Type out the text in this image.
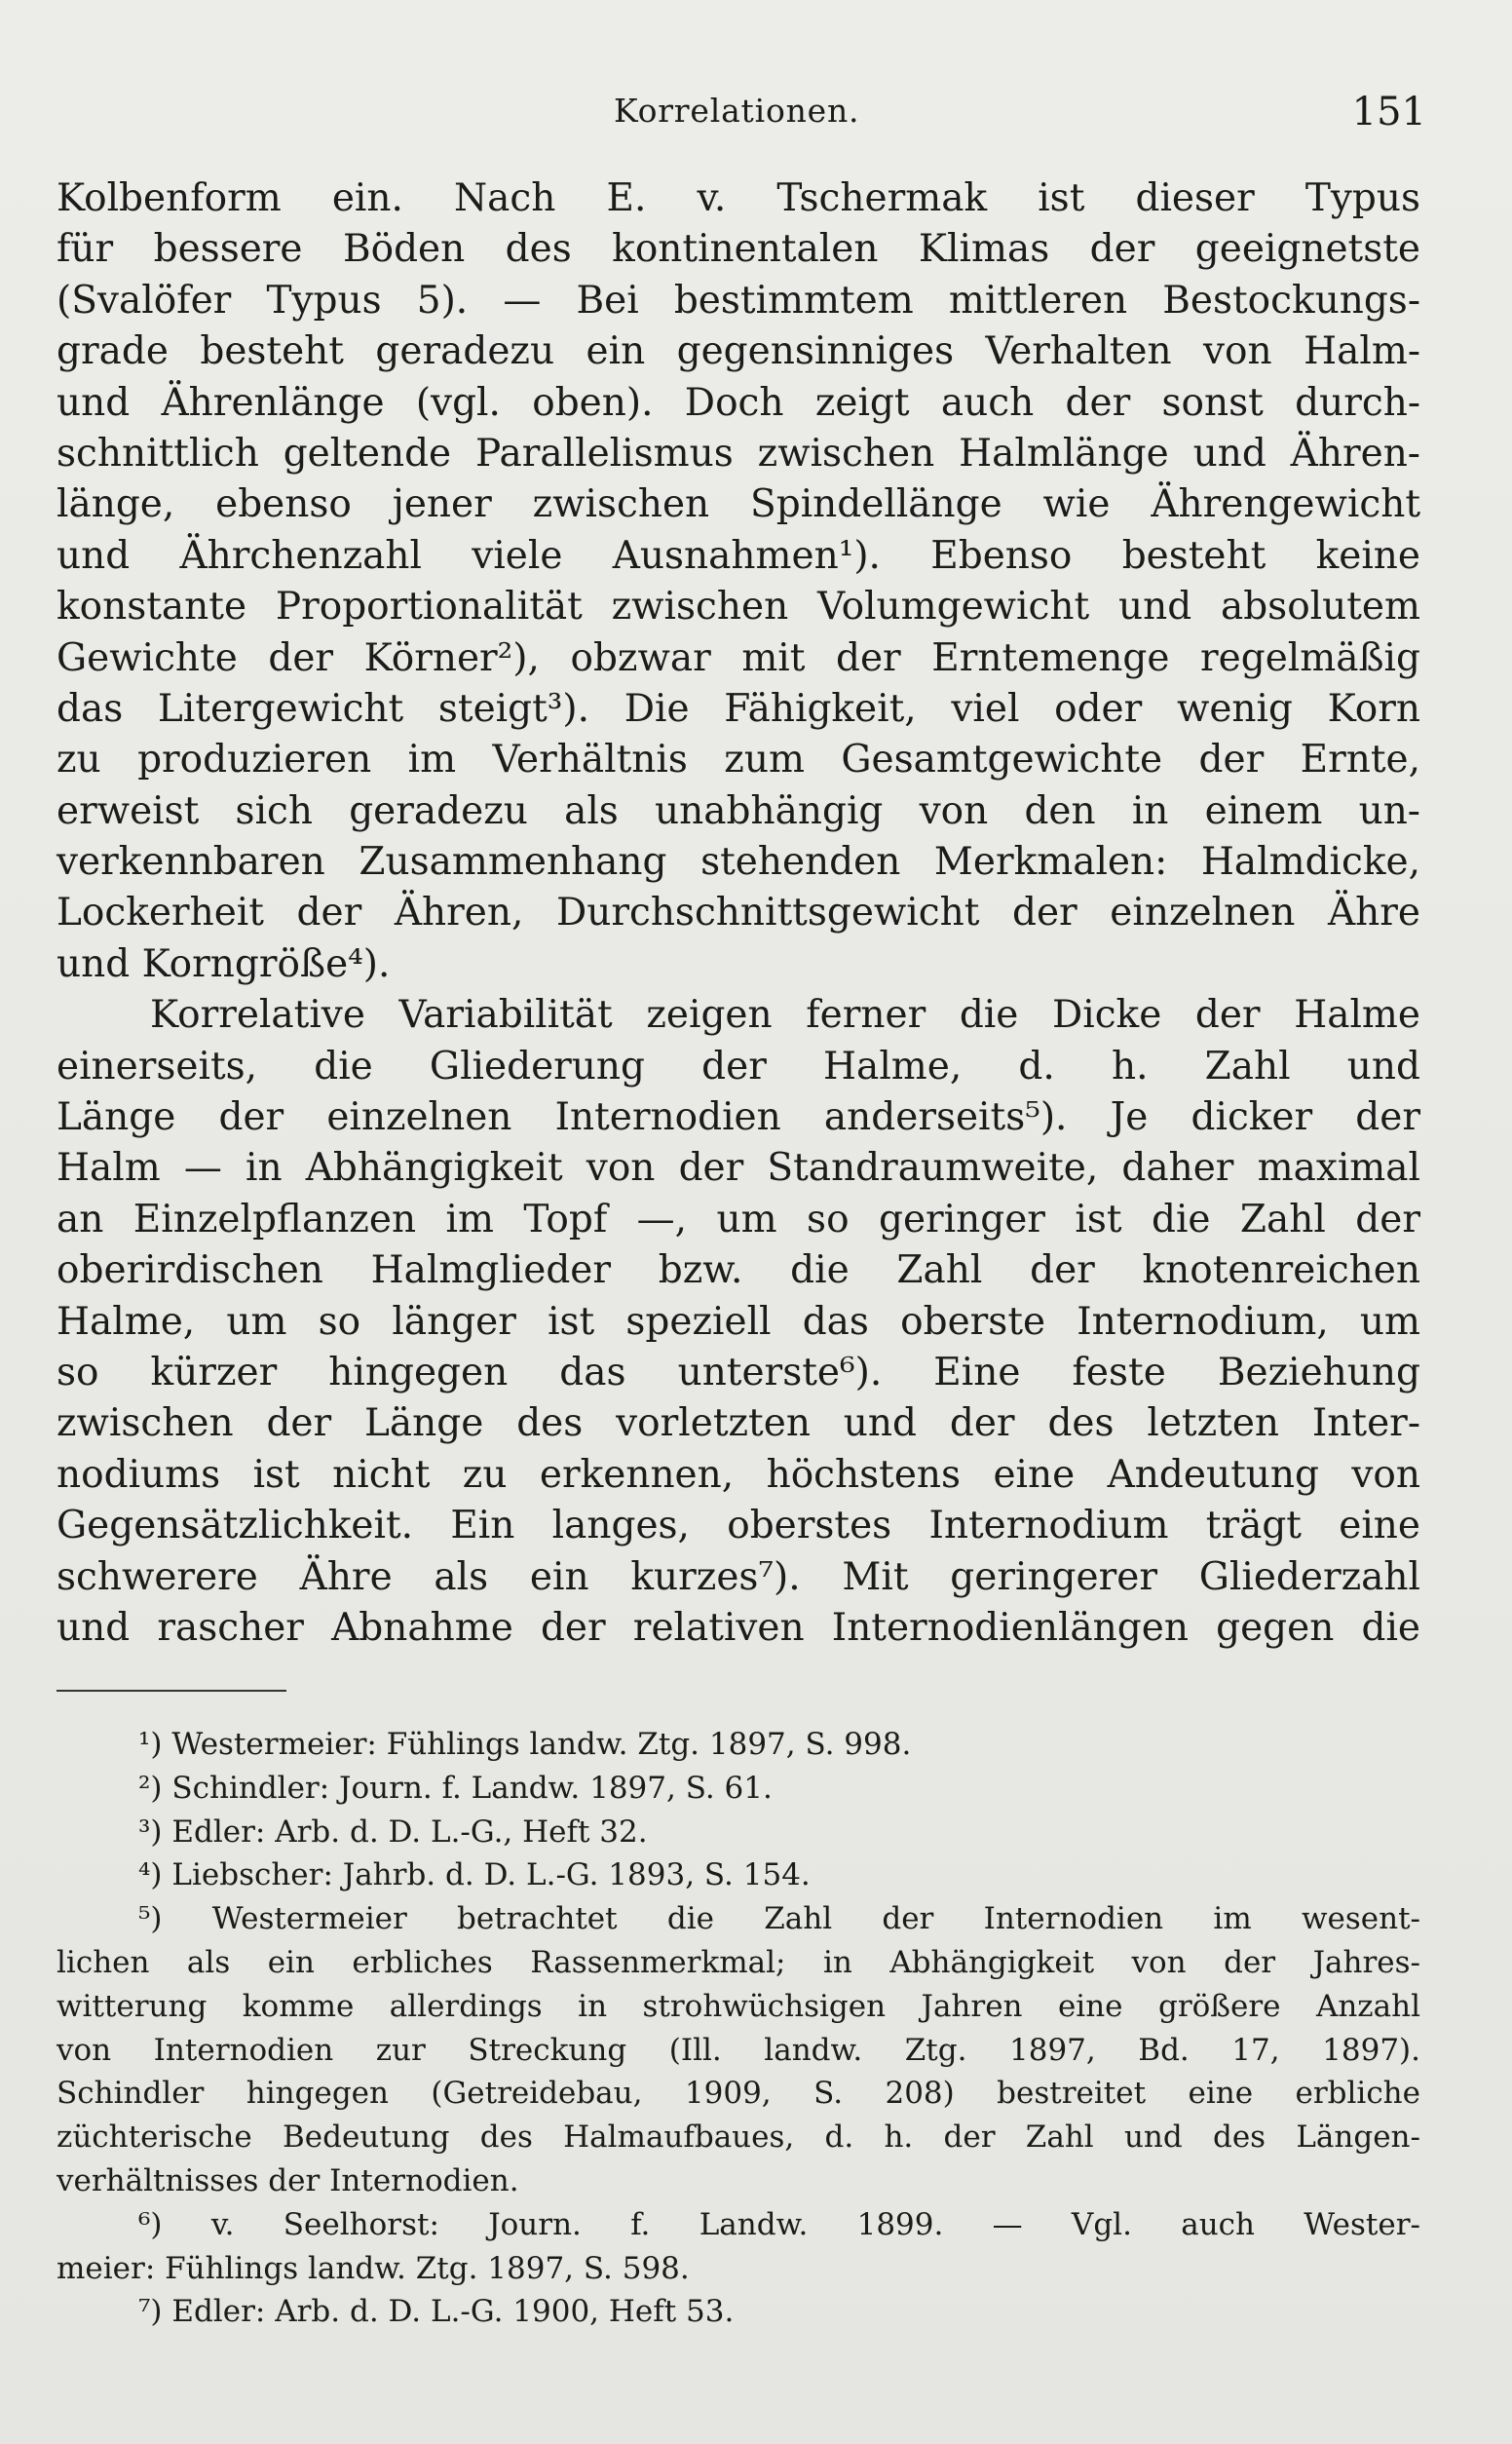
Korrelationen.	151
Kolbenform ein. Nach E. v. Tschermak ist dieser Typus
für bessere Böden des kontinentalen Klimas der geeignetste
(Svalöfer Typus 5). — Bei bestimmtem mittleren Bestockungs-
grade besteht geradezu ein gegensinniges Verhalten von Halm-
und Ährenlänge (vgl. oben). Doch zeigt auch der sonst durch-
schnittlich geltende Parallelismus zwischen Halmlänge und Ähren-
länge, ebenso jener zwischen Spindellänge wie Ährengewicht
und Ährchenzahl viele Ausnahmen¹). Ebenso besteht keine
konstante Proportionalität zwischen Volumgewicht und absolutem
Gewichte der Körner²), obzwar mit der Erntemenge regelmäßig
das Litergewicht steigt³). Die Fähigkeit, viel oder wenig Korn
zu produzieren im Verhältnis zum Gesamtgewichte der Ernte,
erweist sich geradezu als unabhängig von den in einem un-
verkennbaren Zusammenhang stehenden Merkmalen: Halmdicke,
Lockerheit der Ähren, Durchschnittsgewicht der einzelnen Ähre
und Korngröße⁴).
Korrelative Variabilität zeigen ferner die Dicke der Halme
einerseits, die Gliederung der Halme, d. h. Zahl und
Länge der einzelnen Internodien anderseits⁵). Je dicker der
Halm — in Abhängigkeit von der Standraumweite, daher maximal
an Einzelpflanzen im Topf —, um so geringer ist die Zahl der
oberirdischen Halmglieder bzw. die Zahl der knotenreichen
Halme, um so länger ist speziell das oberste Internodium, um
so kürzer hingegen das unterste⁶). Eine feste Beziehung
zwischen der Länge des vorletzten und der des letzten Inter-
nodiums ist nicht zu erkennen, höchstens eine Andeutung von
Gegensätzlichkeit. Ein langes, oberstes Internodium trägt eine
schwerere Ähre als ein kurzes⁷). Mit geringerer Gliederzahl
und rascher Abnahme der relativen Internodienlängen gegen die
¹) Westermeier: Fühlings landw. Ztg. 1897, S. 998.
²) Schindler: Journ. f. Landw. 1897, S. 61.
³) Edler: Arb. d. D. L.-G., Heft 32.
⁴) Liebscher: Jahrb. d. D. L.-G. 1893, S. 154.
⁵) Westermeier betrachtet die Zahl der Internodien im wesent-
lichen als ein erbliches Rassenmerkmal; in Abhängigkeit von der Jahres-
witterung komme allerdings in strohwüchsigen Jahren eine größere Anzahl
von Internodien zur Streckung (Ill. landw. Ztg. 1897, Bd. 17, 1897).
Schindler hingegen (Getreidebau, 1909, S. 208) bestreitet eine erbliche
züchterische Bedeutung des Halmaufbaues, d. h. der Zahl und des Längen-
verhältnisses der Internodien.
⁶) v. Seelhorst: Journ. f. Landw. 1899. — Vgl. auch Wester-
meier: Fühlings landw. Ztg. 1897, S. 598.
⁷) Edler: Arb. d. D. L.-G. 1900, Heft 53.
